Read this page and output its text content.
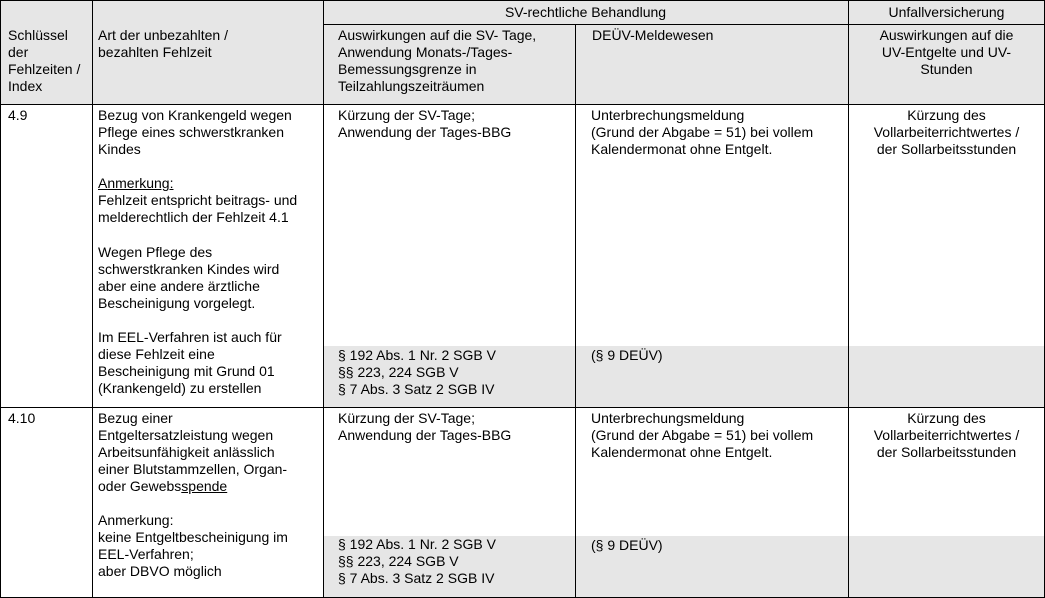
Schlüssel
der
Fehlzeiten /
Index
Art der unbezahlten /
bezahlten Fehlzeit
SV-rechtliche Behandlung
Auswirkungen auf die SV- Tage,
Anwendung Monats-/Tages-
Bemessungsgrenze in
Teilzahlungszeiträumen
DEÜV-Meldewesen
Unfallversicherung
Auswirkungen auf die
UV-Entgelte und UV-
Stunden
4.9	Bezug von Krankengeld wegen
Pflege eines schwerstkranken
Kindes
Anmerkung:
Fehlzeit entspricht beitrags- und
melderechtlich der Fehlzeit 4.1
Wegen Pflege des
schwerstkranken Kindes wird
aber eine andere ärztliche
Bescheinigung vorgelegt.
Im EEL-Verfahren ist auch für
diese Fehlzeit eine
Bescheinigung mit Grund 01
(Krankengeld) zu erstellen
Kürzung der SV-Tage;
Anwendung der Tages-BBG
§ 192 Abs. 1 Nr. 2 SGB V
§§ 223, 224 SGB V
§ 7 Abs. 3 Satz 2 SGB IV
Unterbrechungsmeldung
(Grund der Abgabe = 51) bei vollem
Kalendermonat ohne Entgelt.
(§ 9 DEÜV)
Kürzung des
Vollarbeiterrichtwertes /
der Sollarbeitsstunden
4.10	Bezug einer
Entgeltersatzleistung wegen
Arbeitsunfähigkeit anlässlich
einer Blutstammzellen, Organ-
oder Gewebsspende
Anmerkung:
keine Entgeltbescheinigung im
EEL-Verfahren;
aber DBVO möglich
Kürzung der SV-Tage;
Anwendung der Tages-BBG
§ 192 Abs. 1 Nr. 2 SGB V
§§ 223, 224 SGB V
§ 7 Abs. 3 Satz 2 SGB IV
Unterbrechungsmeldung
(Grund der Abgabe = 51) bei vollem
Kalendermonat ohne Entgelt.
(§ 9 DEÜV)
Kürzung des
Vollarbeiterrichtwertes /
der Sollarbeitsstunden
